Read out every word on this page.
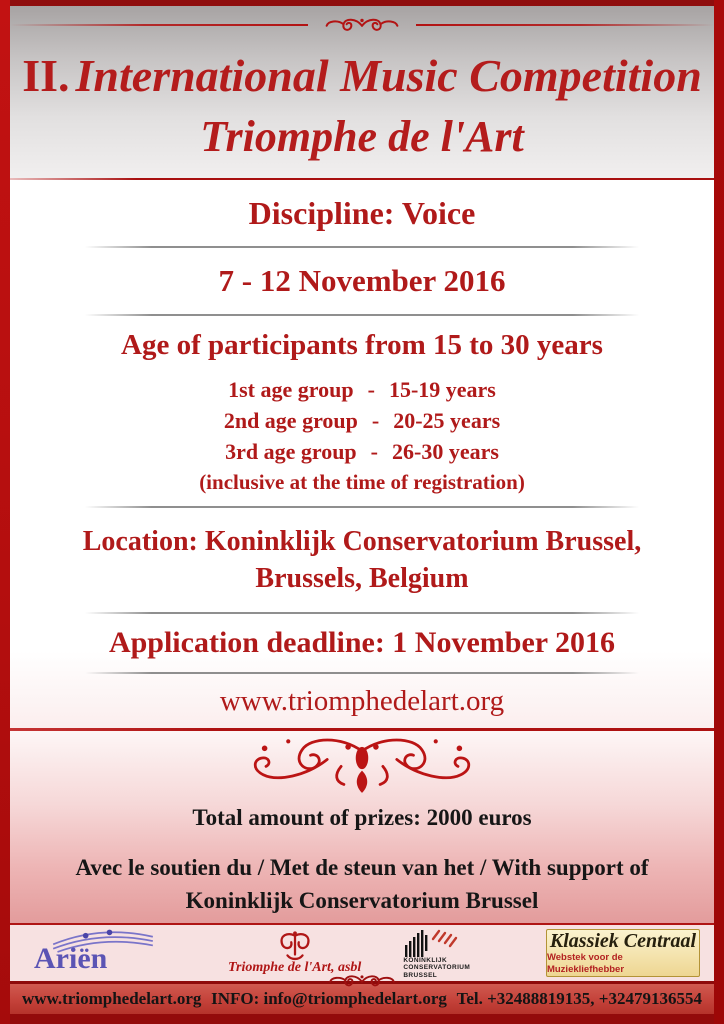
II. International Music Competition
Triomphe de l'Art
Discipline: Voice
7 - 12 November 2016
Age of participants from 15 to 30 years
1st age group - 15-19 years
2nd age group - 20-25 years
3rd age group - 26-30 years
(inclusive at the time of registration)
Location: Koninklijk Conservatorium Brussel,
Brussels, Belgium
Application deadline: 1 November 2016
www.triomphedelart.org
Total amount of prizes: 2000 euros
Avec le soutien du / Met de steun van het / With support of
Koninklijk Conservatorium Brussel
Ariën	Triomphe de l'Art, asbl	KONINKLIJK
CONSERVATORIUM
BRUSSEL
Klassiek Centraal
Webstek voor de Muziekliefhebber
www.triomphedelart.org INFO: info@triomphedelart.org Tel. +32488819135, +32479136554
